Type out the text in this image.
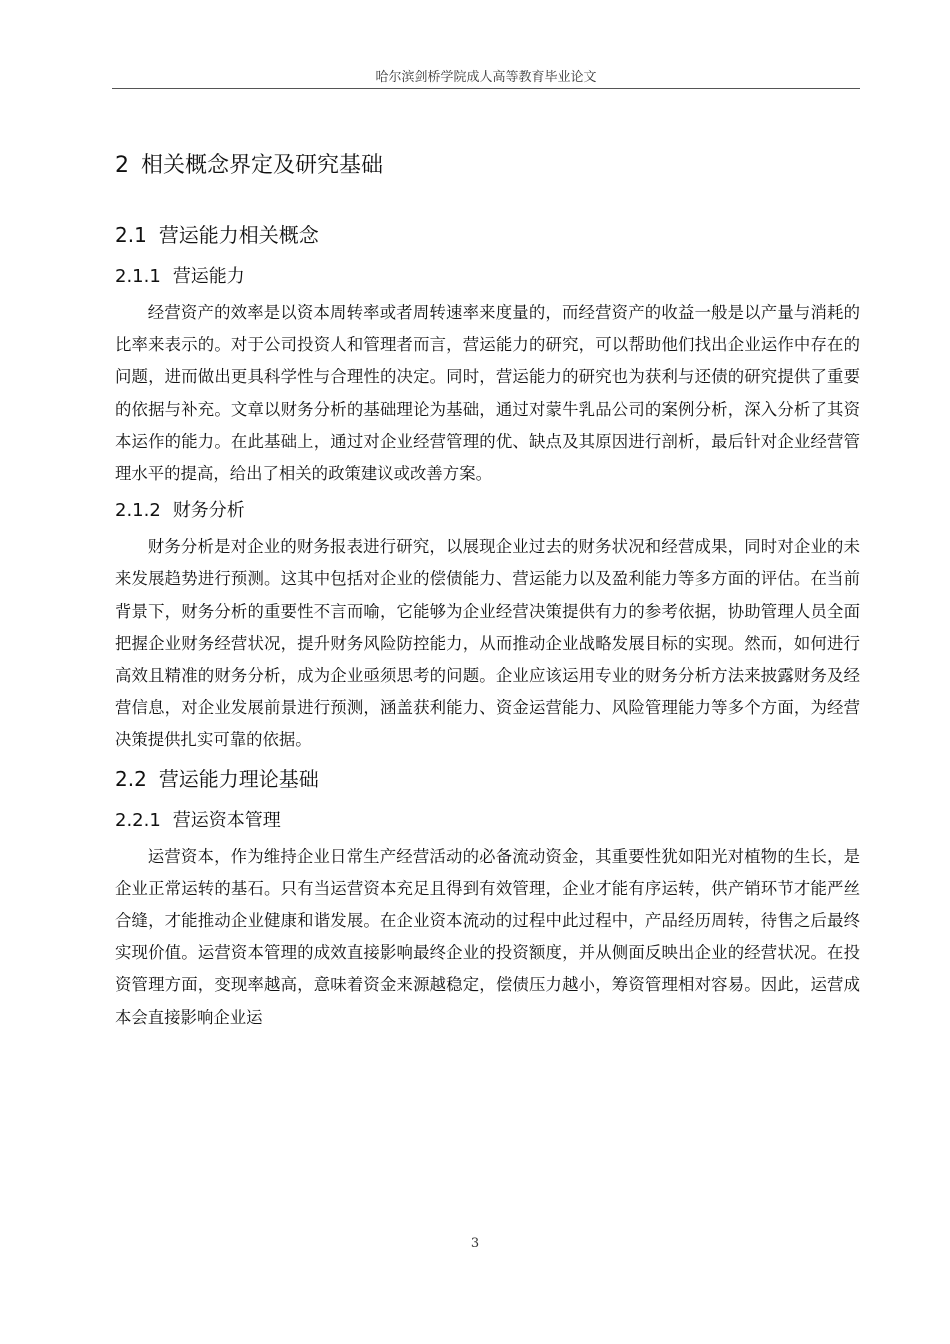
哈尔滨剑桥学院成人高等教育毕业论文
2 相关概念界定及研究基础
2.1 营运能力相关概念
2.1.1 营运能力

经营资产的效率是以资本周转率或者周转速率来度量的，而经营资产的收益一般是以产量与消耗的比率来表示的。对于公司投资人和管理者而言，营运能力的研究，可以帮助他们找出企业运作中存在的问题，进而做出更具科学性与合理性的决定。同时，营运能力的研究也为获利与还债的研究提供了重要的依据与补充。文章以财务分析的基础理论为基础，通过对蒙牛乳品公司的案例分析，深入分析了其资本运作的能力。在此基础上，通过对企业经营管理的优、缺点及其原因进行剖析，最后针对企业经营管理水平的提高，给出了相关的政策建议或改善方案。

2.1.2 财务分析

财务分析是对企业的财务报表进行研究，以展现企业过去的财务状况和经营成果，同时对企业的未来发展趋势进行预测。这其中包括对企业的偿债能力、营运能力以及盈利能力等多方面的评估。在当前背景下，财务分析的重要性不言而喻，它能够为企业经营决策提供有力的参考依据，协助管理人员全面把握企业财务经营状况，提升财务风险防控能力，从而推动企业战略发展目标的实现。然而，如何进行高效且精准的财务分析，成为企业亟须思考的问题。企业应该运用专业的财务分析方法来披露财务及经营信息，对企业发展前景进行预测，涵盖获利能力、资金运营能力、风险管理能力等多个方面，为经营决策提供扎实可靠的依据。

2.2 营运能力理论基础
2.2.1 营运资本管理

运营资本，作为维持企业日常生产经营活动的必备流动资金，其重要性犹如阳光对植物的生长，是企业正常运转的基石。只有当运营资本充足且得到有效管理，企业才能有序运转，供产销环节才能严丝合缝，才能推动企业健康和谐发展。在企业资本流动的过程中此过程中，产品经历周转，待售之后最终实现价值。运营资本管理的成效直接影响最终企业的投资额度，并从侧面反映出企业的经营状况。在投资管理方面，变现率越高，意味着资金来源越稳定，偿债压力越小，筹资管理相对容易。因此，运营成本会直接影响企业运

3
